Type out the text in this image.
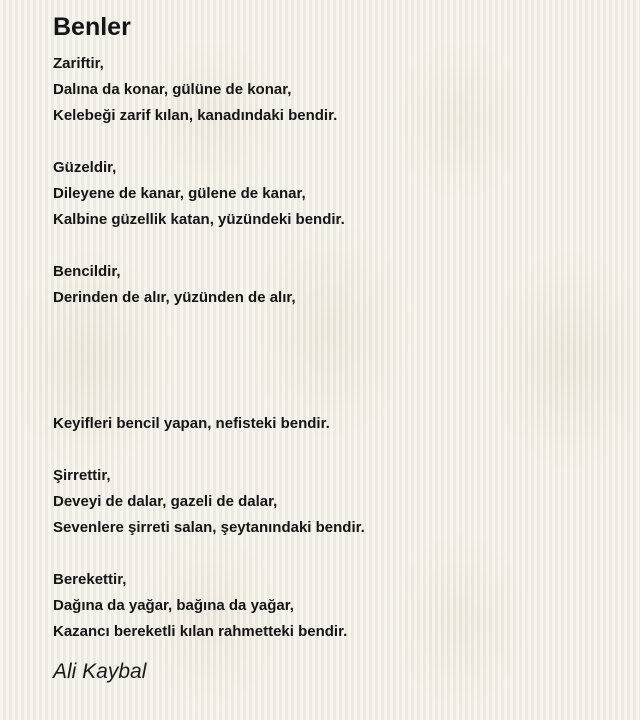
Benler
Zariftir,
Dalına da konar, gülüne de konar,
Kelebeği zarif kılan, kanadındaki bendir.
Güzeldir,
Dileyene de kanar, gülene de kanar,
Kalbine güzellik katan, yüzündeki bendir.
Bencildir,
Derinden de alır, yüzünden de alır,
Keyifleri bencil yapan, nefisteki bendir.
Şirrettir,
Deveyi de dalar, gazeli de dalar,
Sevenlere şirreti salan, şeytanındaki bendir.
Berekettir,
Dağına da yağar, bağına da yağar,
Kazancı bereketli kılan rahmetteki bendir.
Ali Kaybal
